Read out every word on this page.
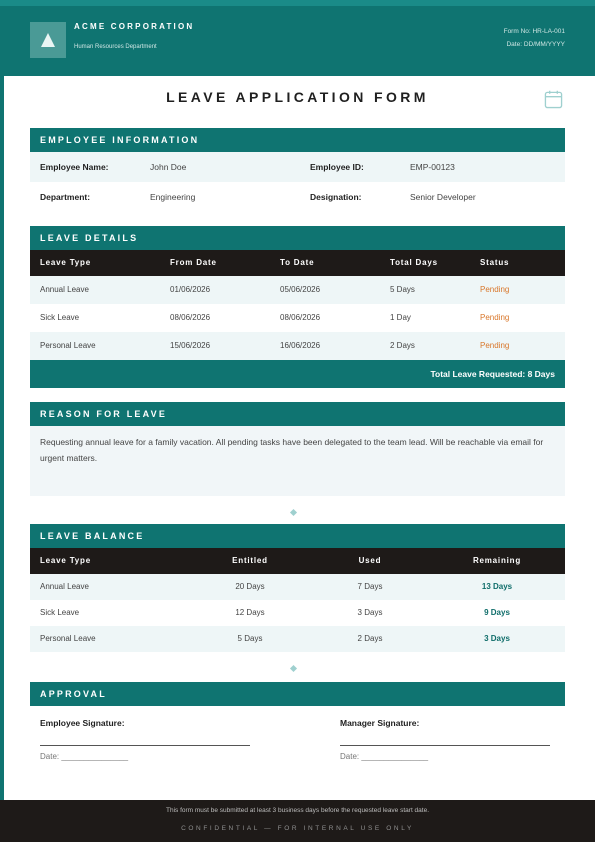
ACME CORPORATION
Human Resources Department
Form No: HR-LA-001
Date: DD/MM/YYYY
LEAVE APPLICATION FORM
EMPLOYEE INFORMATION
Employee Name:	John Doe	Employee ID:	EMP-00123
Department:	Engineering	Designation:	Senior Developer
LEAVE DETAILS
Leave Type	From Date	To Date	Total Days	Status
Annual Leave	01/06/2026	05/06/2026	5 Days	Pending
Sick Leave	08/06/2026	08/06/2026	1 Day	Pending
Personal Leave	15/06/2026	16/06/2026	2 Days	Pending
Total Leave Requested: 8 Days
REASON FOR LEAVE
Requesting annual leave for a family vacation. All pending tasks have been delegated to the team lead. Will be reachable via email for urgent matters.
LEAVE BALANCE
Leave Type	Entitled	Used	Remaining
Annual Leave	20 Days	7 Days	13 Days
Sick Leave	12 Days	3 Days	9 Days
Personal Leave	5 Days	2 Days	3 Days
APPROVAL
Employee Signature:
Date: _______________
Manager Signature:
Date: _______________
This form must be submitted at least 3 business days before the requested leave start date.
CONFIDENTIAL — FOR INTERNAL USE ONLY
